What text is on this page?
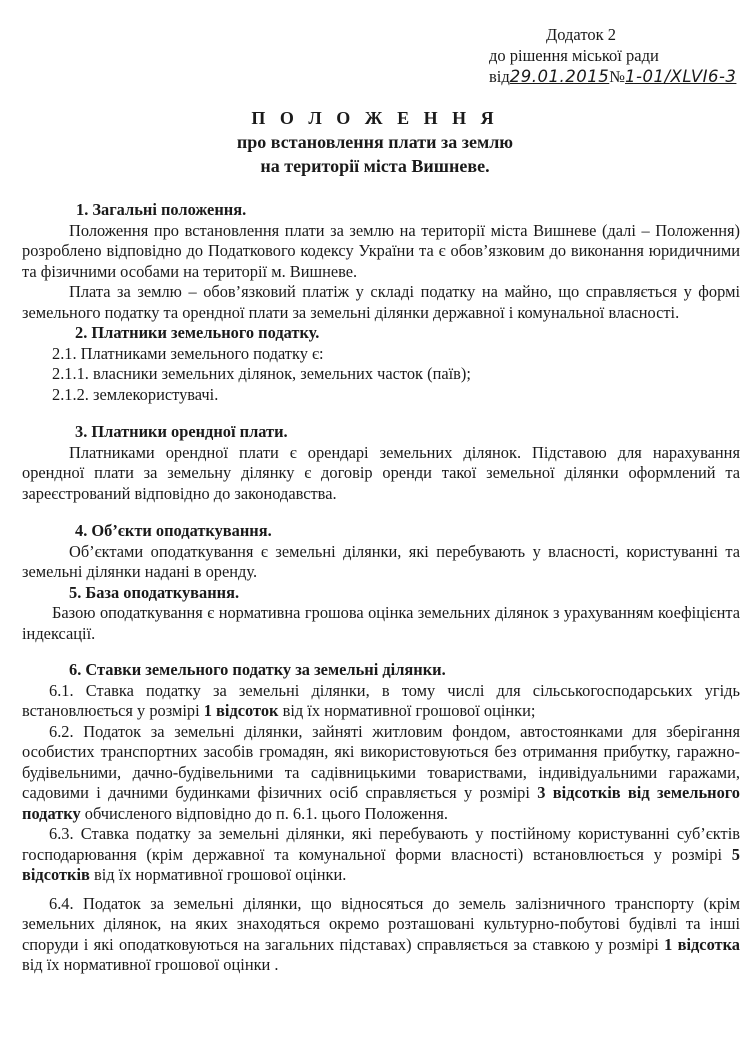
Додаток 2
до рішення міської ради
від29.01.2015№1-01/XLVI6-3
П О Л О Ж Е Н Н Я
про встановлення плати за землю
на території міста Вишневе.

1. Загальні положення.

Положення про встановлення плати за землю на території міста Вишневе (далі – Положення) розроблено відповідно до Податкового кодексу України та є обов’язковим до виконання юридичними та фізичними особами на території м. Вишневе.

Плата за землю – обов’язковий платіж у складі податку на майно, що справляється у формі земельного податку та орендної плати за земельні ділянки державної і комунальної власності.

2. Платники земельного податку.

2.1. Платниками земельного податку є:

2.1.1. власники земельних ділянок, земельних часток (паїв);

2.1.2. землекористувачі.

3. Платники орендної плати.

Платниками орендної плати є орендарі земельних ділянок. Підставою для нарахування орендної плати за земельну ділянку є договір оренди такої земельної ділянки оформлений та зареєстрований відповідно до законодавства.

4. Об’єкти оподаткування.

Об’єктами оподаткування є земельні ділянки, які перебувають у власності, користуванні та земельні ділянки надані в оренду.

5. База оподаткування.

Базою оподаткування є нормативна грошова оцінка земельних ділянок з урахуванням коефіцієнта індексації.

6. Ставки земельного податку за земельні ділянки.

6.1. Ставка податку за земельні ділянки, в тому числі для сільськогосподарських угідь встановлюється у розмірі 1 відсоток від їх нормативної грошової оцінки;

6.2. Податок за земельні ділянки, зайняті житловим фондом, автостоянками для зберігання особистих транспортних засобів громадян, які використовуються без отримання прибутку, гаражно-будівельними, дачно-будівельними та садівницькими товариствами, індивідуальними гаражами, садовими і дачними будинками фізичних осіб справляється у розмірі 3 відсотків від земельного податку обчисленого відповідно до п. 6.1. цього Положення.

6.3. Ставка податку за земельні ділянки, які перебувають у постійному користуванні суб’єктів господарювання (крім державної та комунальної форми власності) встановлюється у розмірі 5 відсотків від їх нормативної грошової оцінки.

6.4. Податок за земельні ділянки, що відносяться до земель залізничного транспорту (крім земельних ділянок, на яких знаходяться окремо розташовані культурно-побутові будівлі та інші споруди і які оподатковуються на загальних підставах) справляється за ставкою у розмірі 1 відсотка від їх нормативної грошової оцінки .
